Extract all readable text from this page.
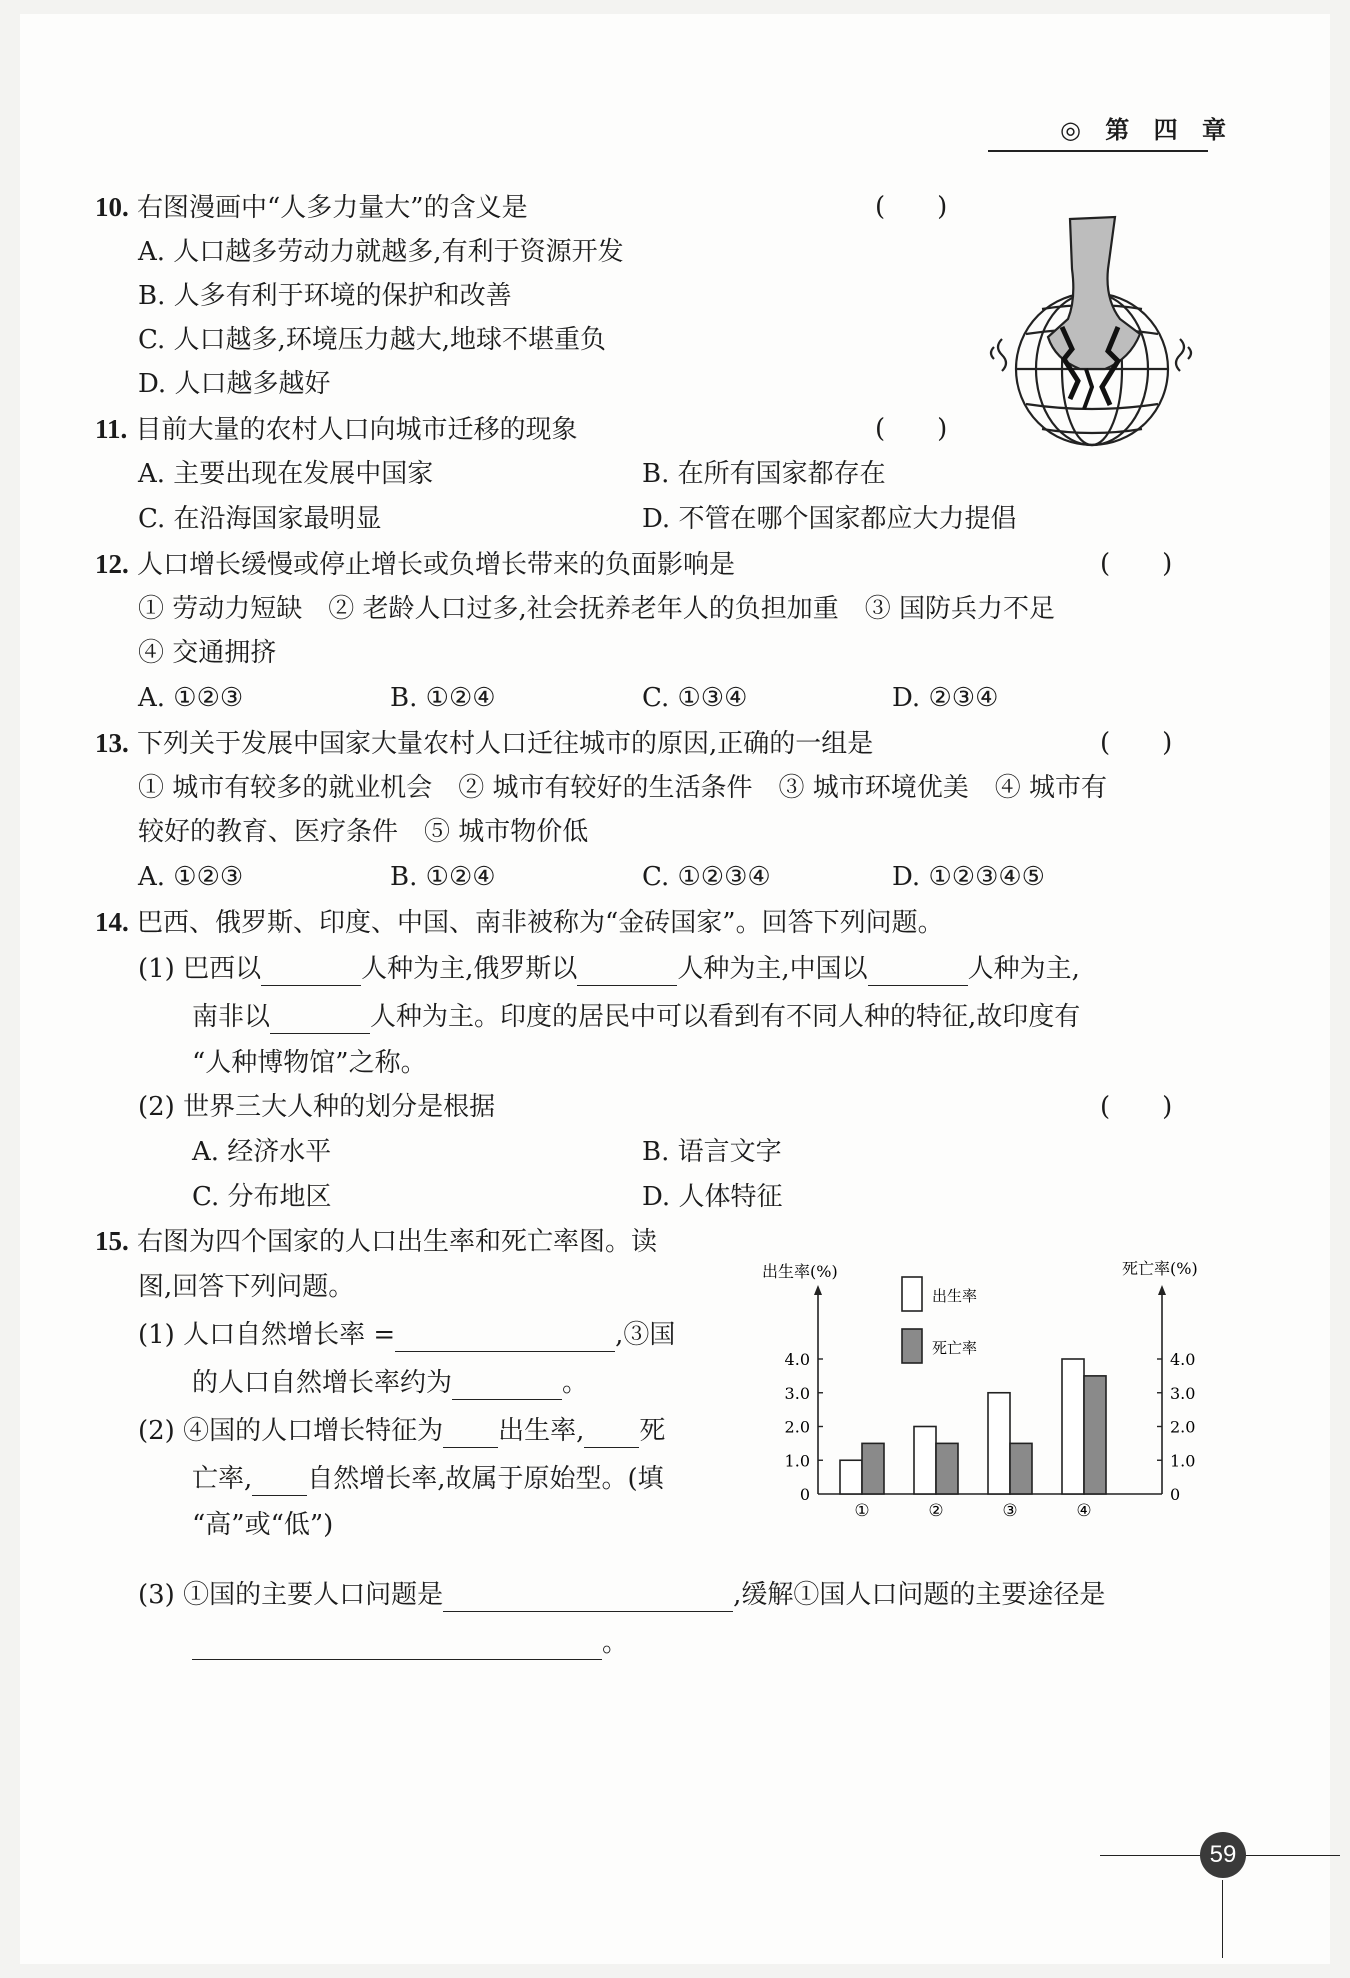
◎ 第 四 章
10. 右图漫画中“人多力量大”的含义是	(　　)
A. 人口越多劳动力就越多,有利于资源开发
B. 人多有利于环境的保护和改善
C. 人口越多,环境压力越大,地球不堪重负
D. 人口越多越好
11. 目前大量的农村人口向城市迁移的现象	(　　)
A. 主要出现在发展中国家	B. 在所有国家都存在
C. 在沿海国家最明显	D. 不管在哪个国家都应大力提倡
12. 人口增长缓慢或停止增长或负增长带来的负面影响是	(　　)
① 劳动力短缺　② 老龄人口过多,社会抚养老年人的负担加重　③ 国防兵力不足
④ 交通拥挤
A. ①②③	B. ①②④	C. ①③④	D. ②③④
13. 下列关于发展中国家大量农村人口迁往城市的原因,正确的一组是	(　　)
① 城市有较多的就业机会　② 城市有较好的生活条件　③ 城市环境优美　④ 城市有
较好的教育、医疗条件　⑤ 城市物价低
A. ①②③	B. ①②④	C. ①②③④	D. ①②③④⑤
14. 巴西、俄罗斯、印度、中国、南非被称为“金砖国家”。回答下列问题。
(1) 巴西以	人种为主,俄罗斯以	人种为主,中国以	人种为主,
南非以	人种为主。印度的居民中可以看到有不同人种的特征,故印度有
“人种博物馆”之称。
(2) 世界三大人种的划分是根据	(　　)
A. 经济水平	B. 语言文字
C. 分布地区	D. 人体特征
15. 右图为四个国家的人口出生率和死亡率图。读
图,回答下列问题。
(1) 人口自然增长率 =	,③国
的人口自然增长率约为	。
(2) ④国的人口增长特征为 出生率, 死
亡率, 自然增长率,故属于原始型。(填
“高”或“低”)
(3) ①国的主要人口问题是	,缓解①国人口问题的主要途径是
。
出生率(%)	死亡率(%)
0	0
1.0	1.0
2.0	2.0
3.0	3.0
4.0	4.0
①	②	③	④
出生率
死亡率
59
